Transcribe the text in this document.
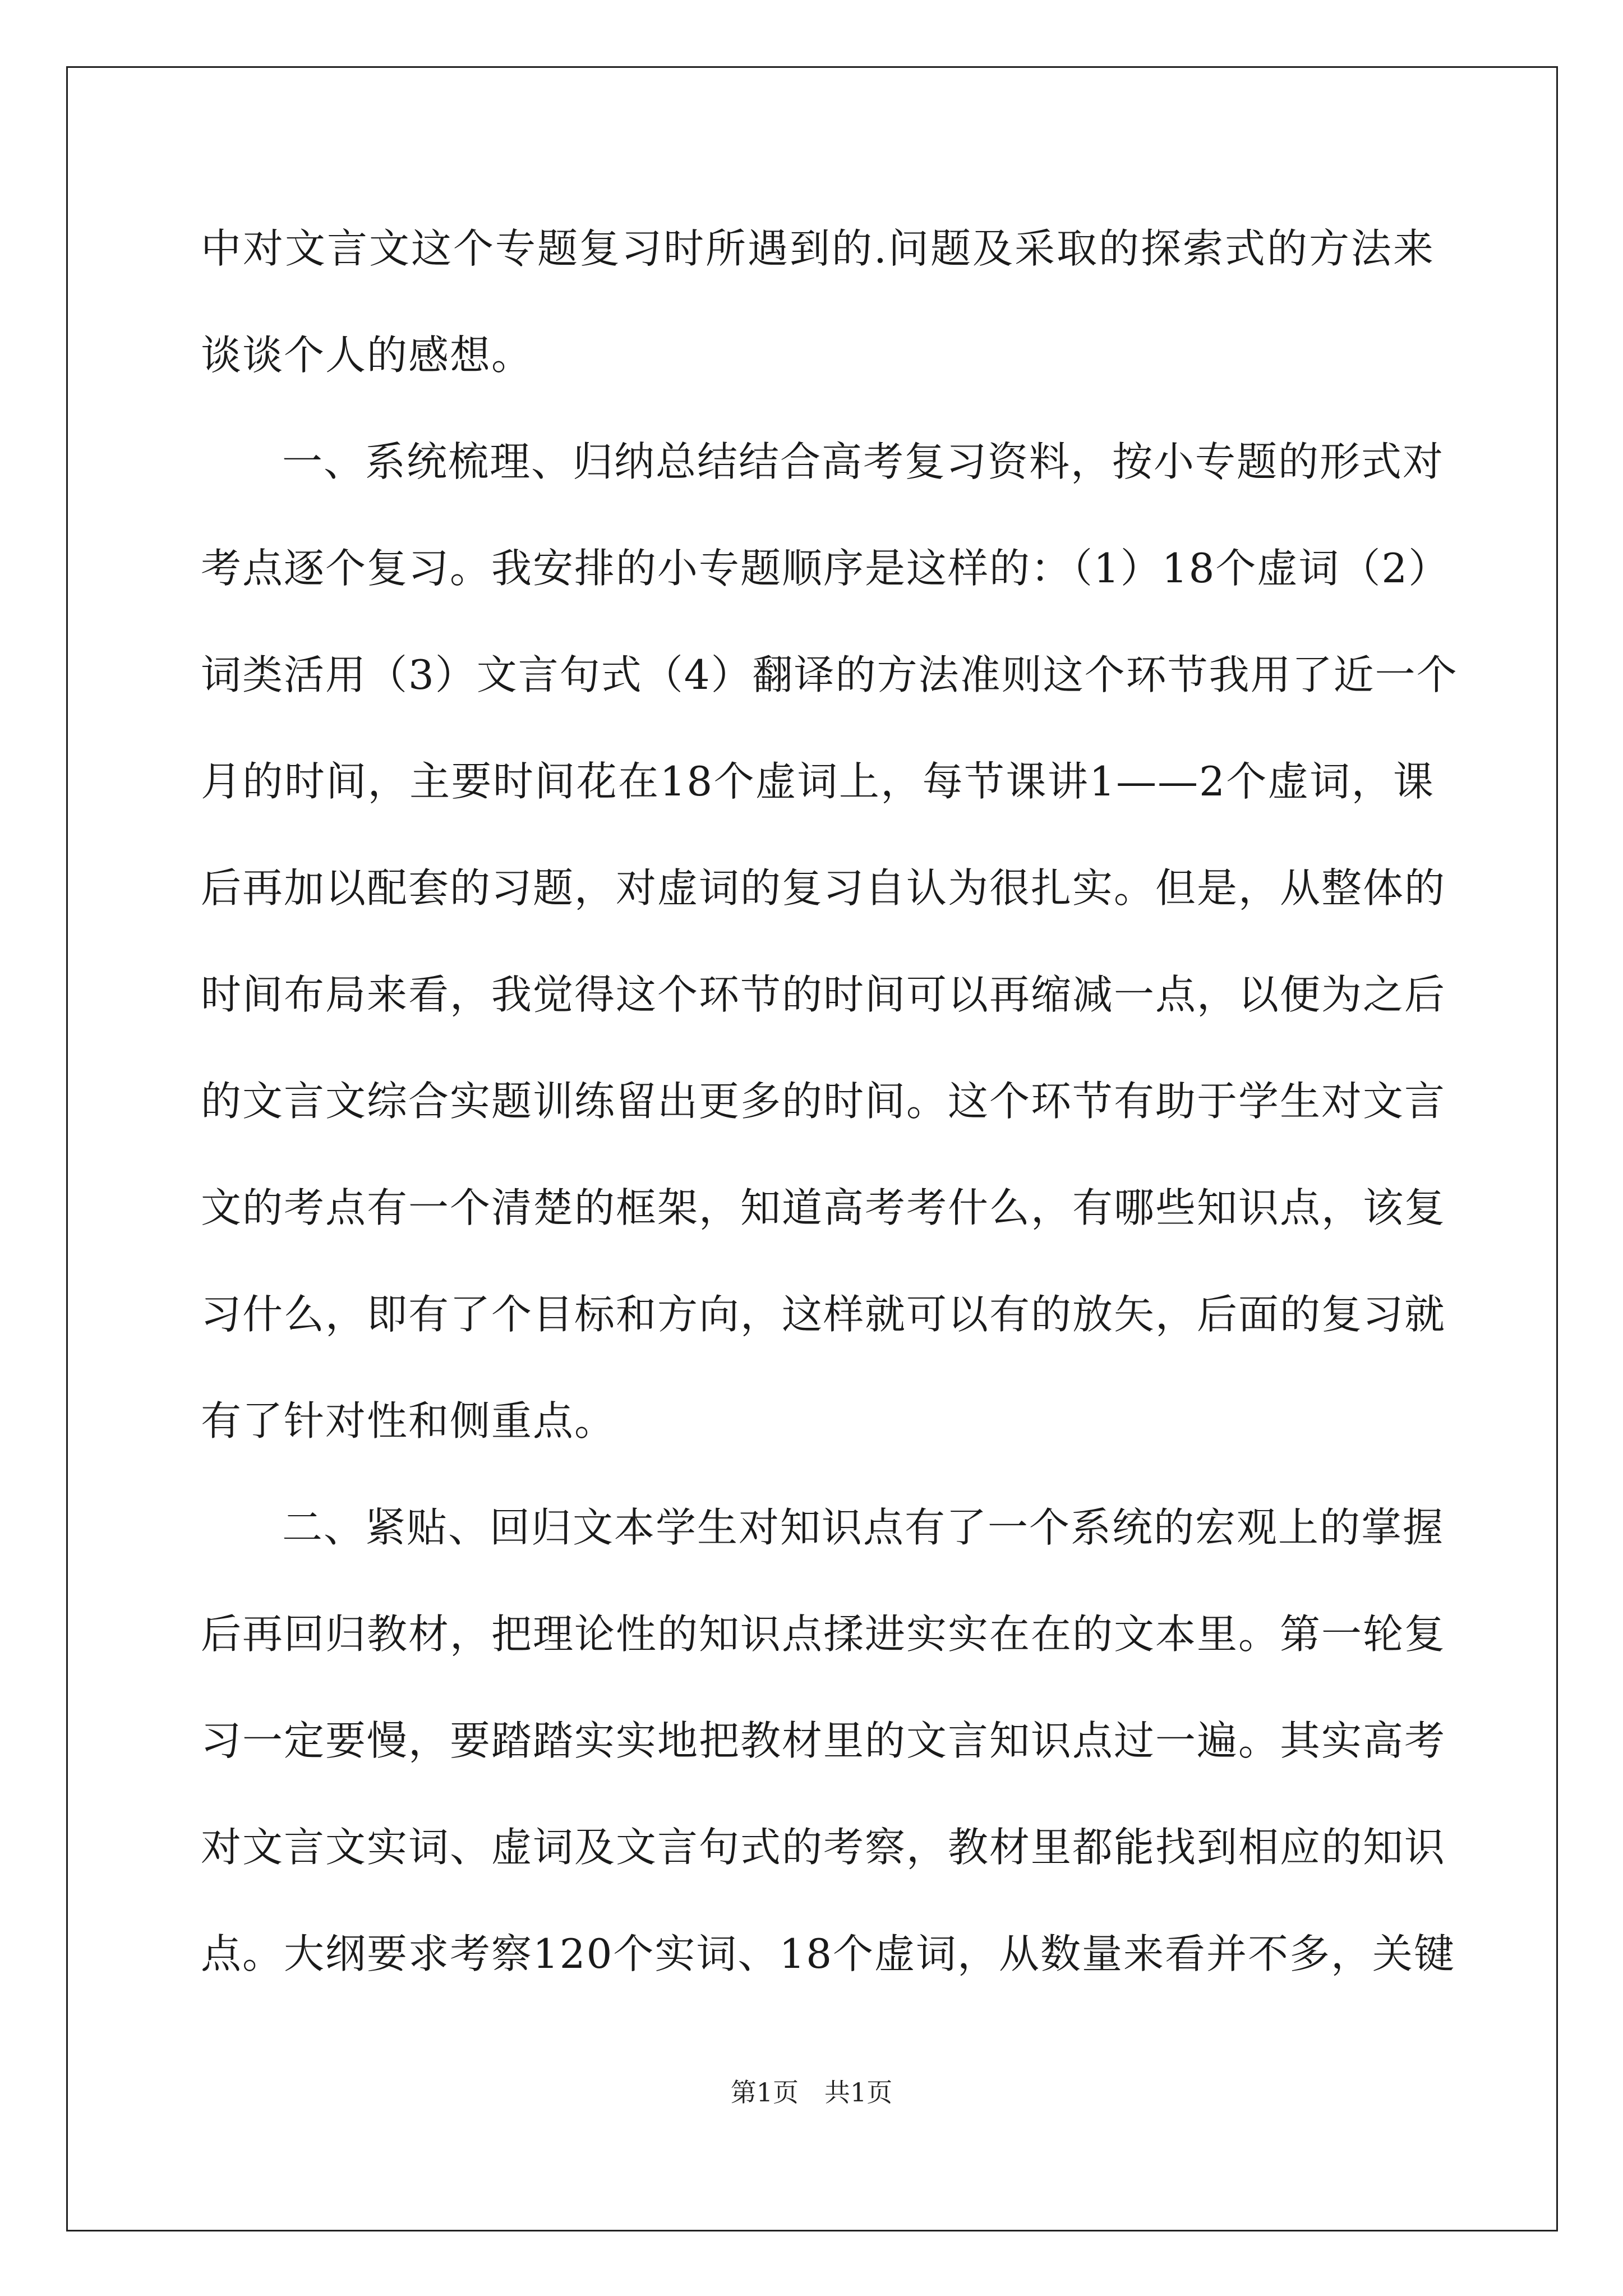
中对文言文这个专题复习时所遇到的.问题及采取的探索式的方法来
谈谈个人的感想。
一、系统梳理、归纳总结结合高考复习资料，按小专题的形式对
考点逐个复习。我安排的小专题顺序是这样的：（1）18个虚词（2）
词类活用（3）文言句式（4）翻译的方法准则这个环节我用了近一个
月的时间，主要时间花在18个虚词上，每节课讲1——2个虚词，课
后再加以配套的习题，对虚词的复习自认为很扎实。但是，从整体的
时间布局来看，我觉得这个环节的时间可以再缩减一点，以便为之后
的文言文综合实题训练留出更多的时间。这个环节有助于学生对文言
文的考点有一个清楚的框架，知道高考考什么，有哪些知识点，该复
习什么，即有了个目标和方向，这样就可以有的放矢，后面的复习就
有了针对性和侧重点。
二、紧贴、回归文本学生对知识点有了一个系统的宏观上的掌握
后再回归教材，把理论性的知识点揉进实实在在的文本里。第一轮复
习一定要慢，要踏踏实实地把教材里的文言知识点过一遍。其实高考
对文言文实词、虚词及文言句式的考察，教材里都能找到相应的知识
点。大纲要求考察120个实词、18个虚词，从数量来看并不多，关键
第1页 共1页
